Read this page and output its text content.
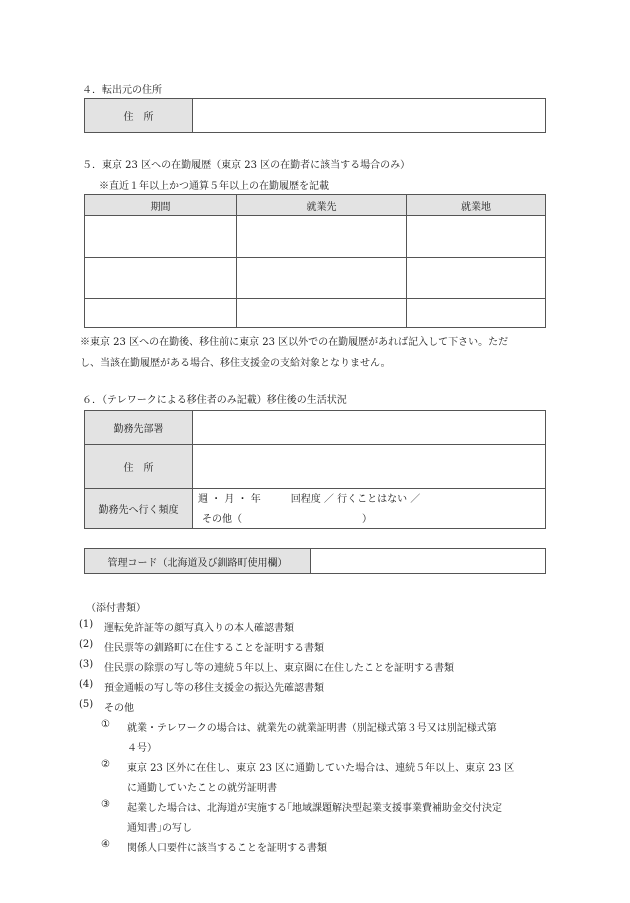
４．転出元の住所
住　所
５．東京 23 区への在勤履歴（東京 23 区の在勤者に該当する場合のみ）
※直近１年以上かつ通算５年以上の在勤履歴を記載
期間	就業先	就業地
※東京 23 区への在勤後、移住前に東京 23 区以外での在勤履歴があれば記入して下さい。ただ
し、当該在勤履歴がある場合、移住支援金の支給対象となりません。
６．（テレワークによる移住者のみ記載）移住後の生活状況
勤務先部署
住　所
勤務先へ行く頻度
週 ・ 月 ・ 年　　　回程度 ／ 行くことはない ／
その他（　　　　　　　　　　　　）
管理コード（北海道及び釧路町使用欄）
（添付書類）
(1) 運転免許証等の顔写真入りの本人確認書類
(2) 住民票等の釧路町に在住することを証明する書類
(3) 住民票の除票の写し等の連続５年以上、東京圏に在住したことを証明する書類
(4) 預金通帳の写し等の移住支援金の振込先確認書類
(5) その他
① 就業・テレワークの場合は、就業先の就業証明書（別記様式第３号又は別記様式第
４号）
② 東京 23 区外に在住し、東京 23 区に通勤していた場合は、連続５年以上、東京 23 区
に通勤していたことの就労証明書
③ 起業した場合は、北海道が実施する｢地域課題解決型起業支援事業費補助金交付決定
通知書｣の写し
④ 関係人口要件に該当することを証明する書類
